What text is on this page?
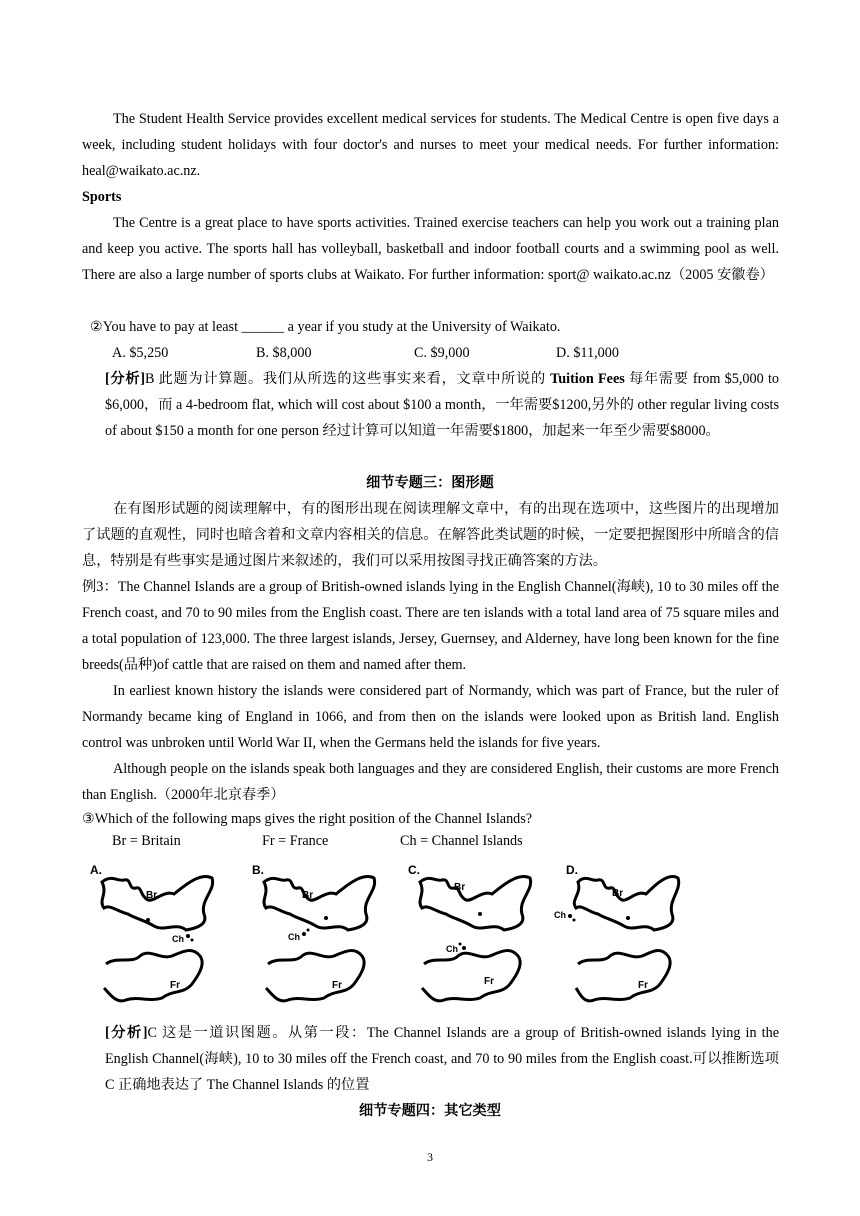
The Student Health Service provides excellent medical services for students. The Medical Centre is open five days a week, including student holidays with four doctor's and nurses to meet your medical needs. For further information: heal@waikato.ac.nz.

Sports

The Centre is a great place to have sports activities. Trained exercise teachers can help you work out a training plan and keep you active. The sports hall has volleyball, basketball and indoor football courts and a swimming pool as well. There are also a large number of sports clubs at Waikato. For further information: sport@ waikato.ac.nz（2005 安徽卷）

②You have to pay at least ______ a year if you study at the University of Waikato.

A. $5,250	B. $8,000	C. $9,000	D. $11,000

[分析]B 此题为计算题。我们从所选的这些事实来看，文章中所说的 Tuition Fees 每年需要 from $5,000 to $6,000，而 a 4-bedroom flat, which will cost about $100 a month，一年需要$1200,另外的 other regular living costs of about $150 a month for one person 经过计算可以知道一年需要$1800，加起来一年至少需要$8000。

细节专题三：图形题

在有图形试题的阅读理解中，有的图形出现在阅读理解文章中，有的出现在选项中，这些图片的出现增加了试题的直观性，同时也暗含着和文章内容相关的信息。在解答此类试题的时候，一定要把握图形中所暗含的信息，特别是有些事实是通过图片来叙述的，我们可以采用按图寻找正确答案的方法。

例3：The Channel Islands are a group of British-owned islands lying in the English Channel(海峡), 10 to 30 miles off the French coast, and 70 to 90 miles from the English coast. There are ten islands with a total land area of 75 square miles and a total population of 123,000. The three largest islands, Jersey, Guernsey, and Alderney, have long been known for the fine breeds(品种)of cattle that are raised on them and named after them.

In earliest known history the islands were considered part of Normandy, which was part of France, but the ruler of Normandy became king of England in 1066, and from then on the islands were looked upon as British land. English control was unbroken until World War II, when the Germans held the islands for five years.

Although people on the islands speak both languages and they are considered English, their customs are more French than English.（2000年北京春季）

③Which of the following maps gives the right position of the Channel Islands?

Br = Britain	Fr = France	Ch = Channel Islands
A.
Br
Ch
Fr
B.
Br
Ch
Fr
C.
Br
Ch
Fr
D.
Br
Ch
Fr

[分析]C 这是一道识图题。从第一段：The Channel Islands are a group of British-owned islands lying in the English Channel(海峡), 10 to 30 miles off the French coast, and 70 to 90 miles from the English coast.可以推断选项 C 正确地表达了 The Channel Islands 的位置

细节专题四：其它类型
3
